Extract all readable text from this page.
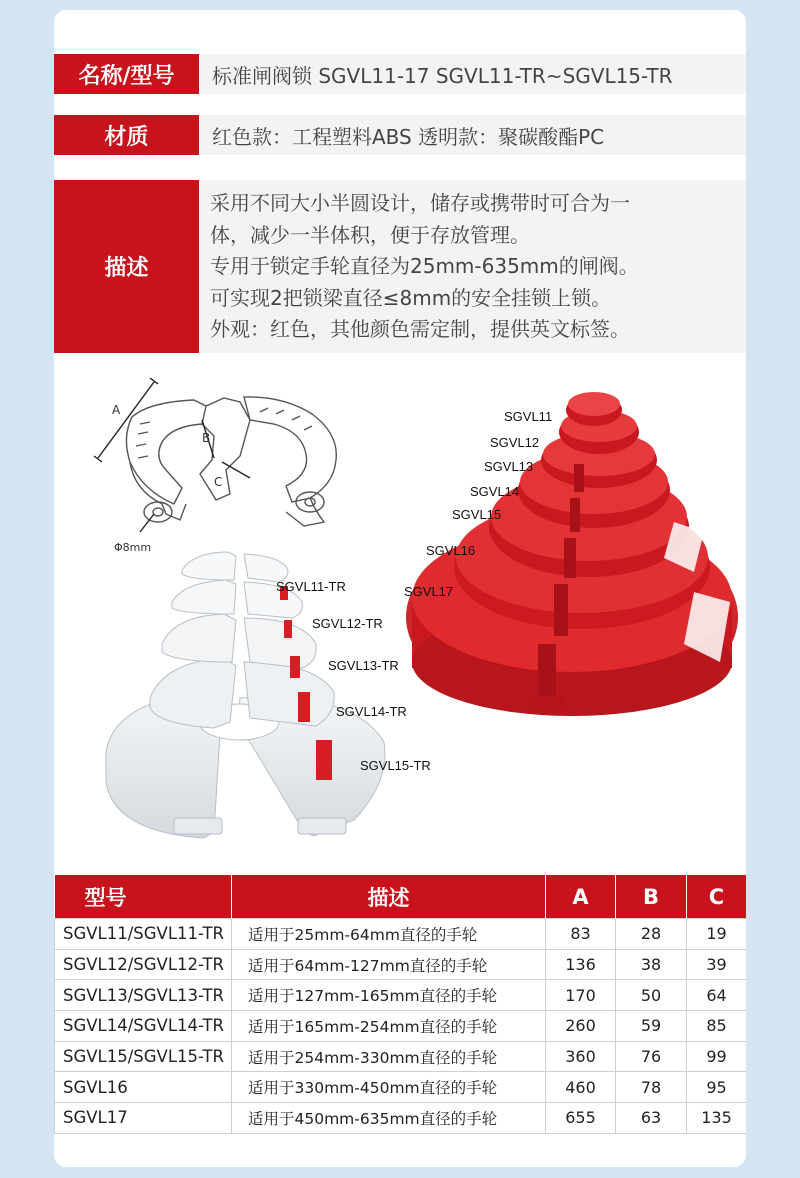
名称/型号	标准闸阀锁 SGVL11-17 SGVL11-TR~SGVL15-TR
材质	红色款：工程塑料ABS 透明款：聚碳酸酯PC
描述
采用不同大小半圆设计，储存或携带时可合为一
体，减少一半体积，便于存放管理。
专用于锁定手轮直径为25mm-635mm的闸阀。
可实现2把锁梁直径≤8mm的安全挂锁上锁。
外观：红色，其他颜色需定制，提供英文标签。
A
B
C
Φ8mm
SGVL11
SGVL12
SGVL13
SGVL14
SGVL15
SGVL16
SGVL17
SGVL11-TR
SGVL12-TR
SGVL13-TR
SGVL14-TR
SGVL15-TR
型号	描述	A	B	C
SGVL11/SGVL11-TR	适用于25mm-64mm直径的手轮	83	28	19
SGVL12/SGVL12-TR	适用于64mm-127mm直径的手轮	136	38	39
SGVL13/SGVL13-TR	适用于127mm-165mm直径的手轮	170	50	64
SGVL14/SGVL14-TR	适用于165mm-254mm直径的手轮	260	59	85
SGVL15/SGVL15-TR	适用于254mm-330mm直径的手轮	360	76	99
SGVL16	适用于330mm-450mm直径的手轮	460	78	95
SGVL17	适用于450mm-635mm直径的手轮	655	63	135
